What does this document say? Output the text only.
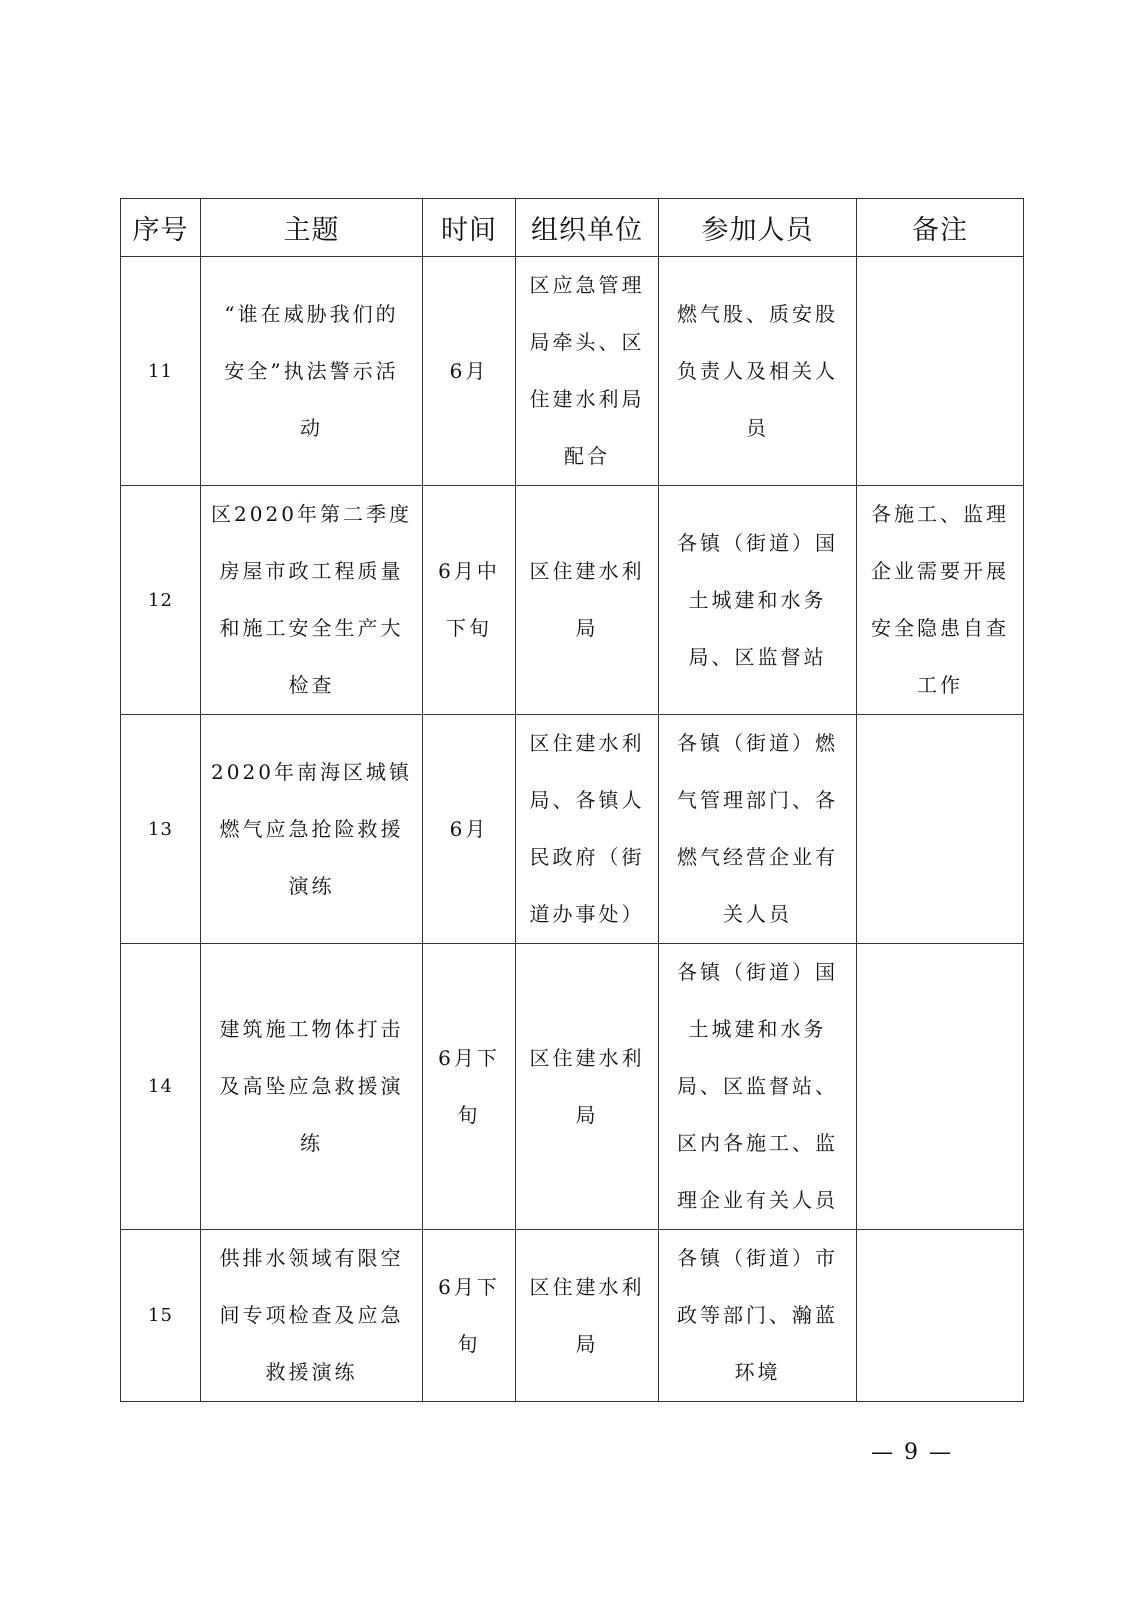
序号	主题	时间	组织单位	参加人员	备注

11	“谁在威胁我们的安全”执法警示活动	6月	区应急管理局牵头、区住建水利局配合	燃气股、质安股负责人及相关人员	

12	区2020年第二季度房屋市政工程质量和施工安全生产大检查	6月中下旬	区住建水利局	各镇（街道）国土城建和水务局、区监督站	各施工、监理企业需要开展安全隐患自查工作

13	2020年南海区城镇燃气应急抢险救援演练	6月	区住建水利局、各镇人民政府（街道办事处）	各镇（街道）燃气管理部门、各燃气经营企业有关人员	

14	建筑施工物体打击及高坠应急救援演练	6月下旬	区住建水利局	各镇（街道）国土城建和水务局、区监督站、区内各施工、监理企业有关人员	

15	供排水领域有限空间专项检查及应急救援演练	6月下旬	区住建水利局	各镇（街道）市政等部门、瀚蓝环境	

— 9 —
